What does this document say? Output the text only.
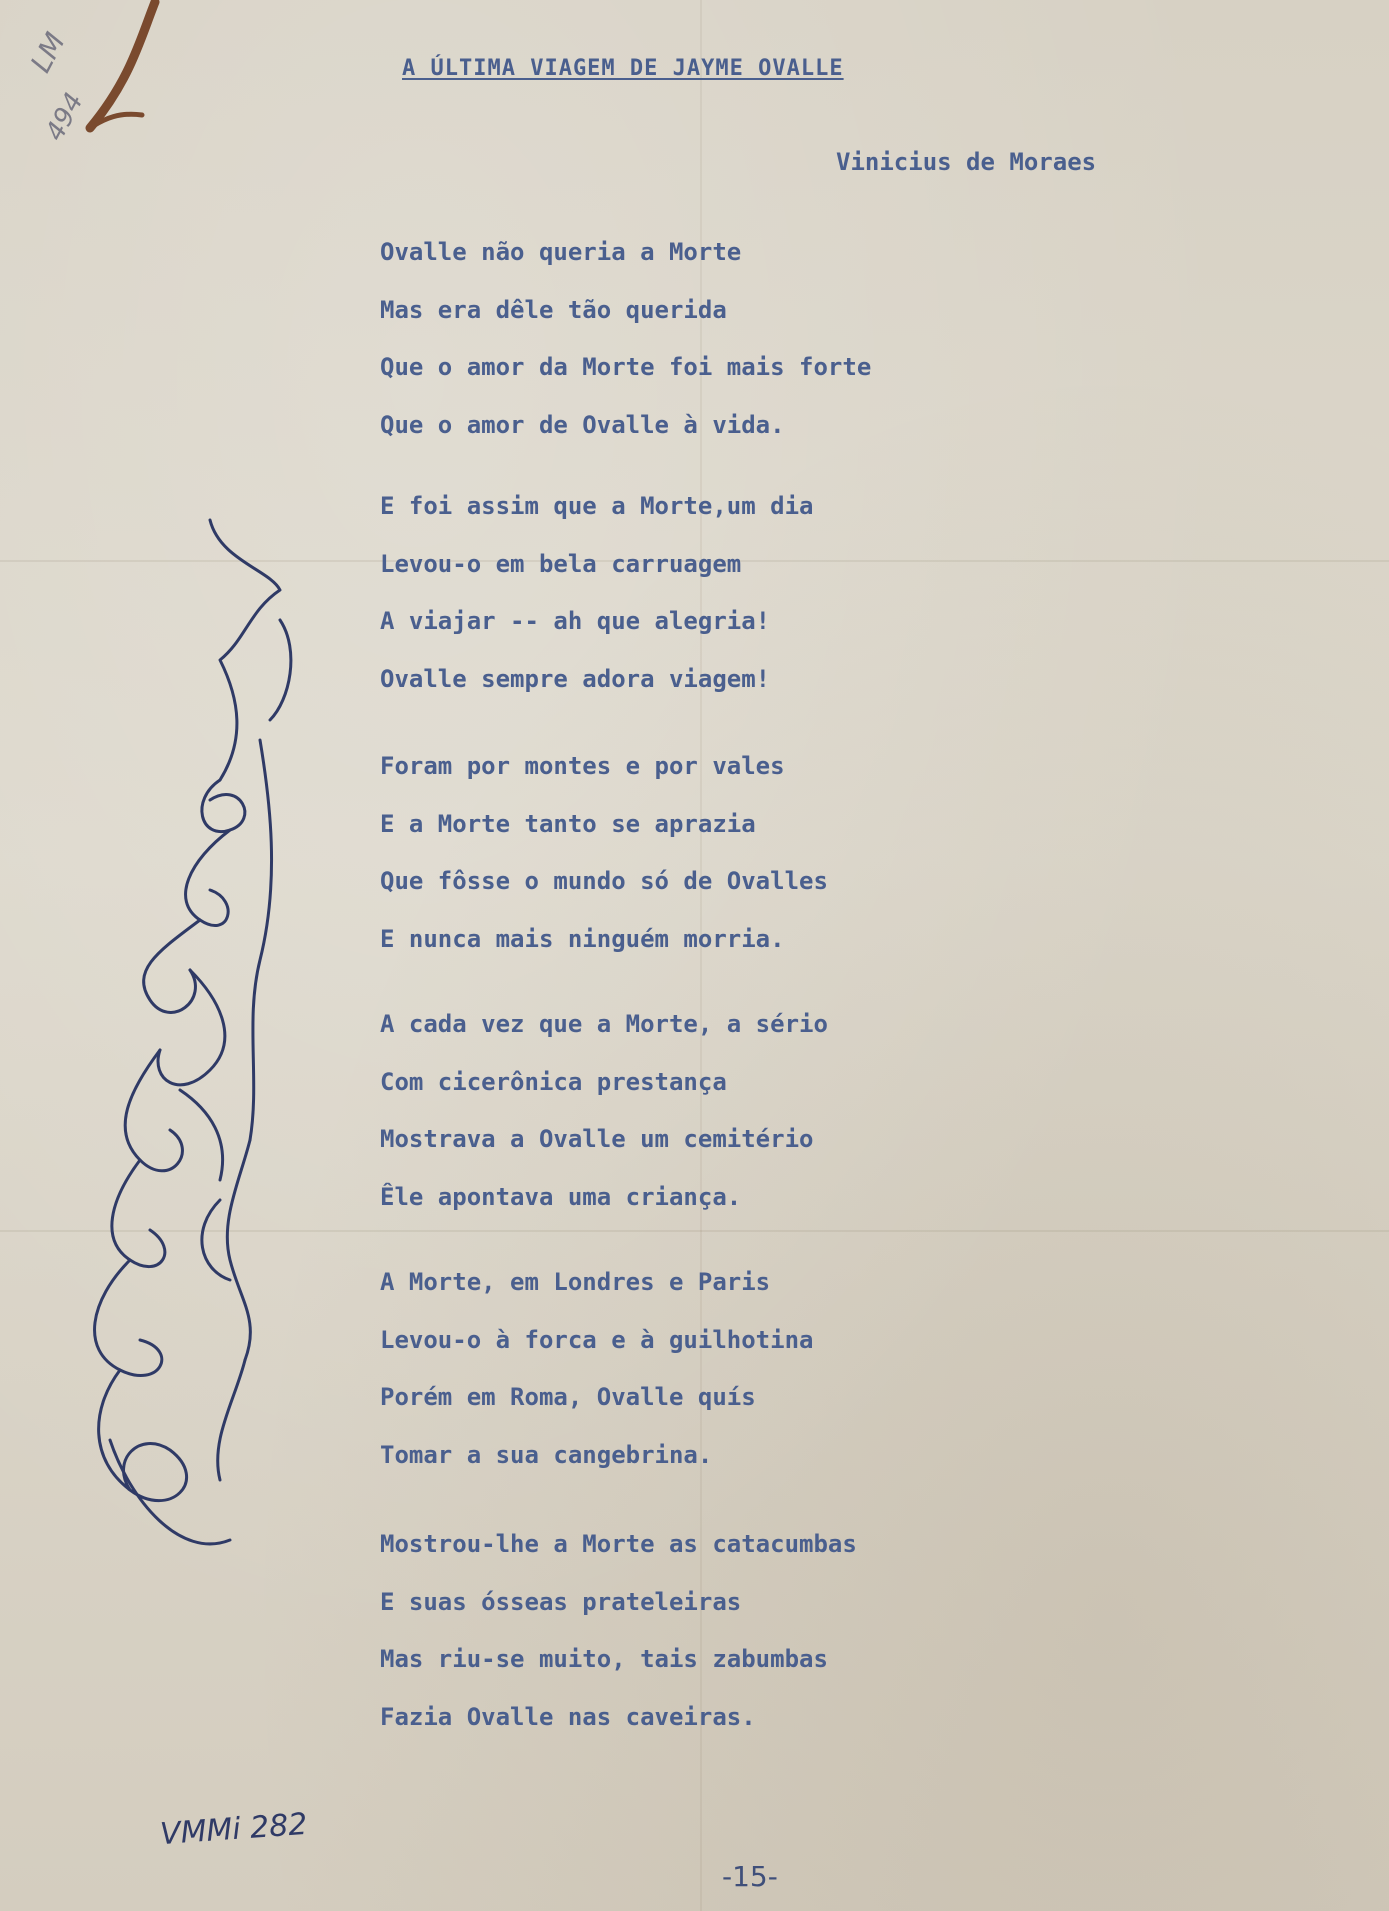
LM
494
A ÚLTIMA VIAGEM DE JAYME OVALLE
Vinicius de Moraes
Ovalle não queria a Morte
Mas era dêle tão querida
Que o amor da Morte foi mais forte
Que o amor de Ovalle à vida.
E foi assim que a Morte,um dia
Levou-o em bela carruagem
A viajar -- ah que alegria!
Ovalle sempre adora viagem!
Foram por montes e por vales
E a Morte tanto se aprazia
Que fôsse o mundo só de Ovalles
E nunca mais ninguém morria.
A cada vez que a Morte, a sério
Com cicerônica prestança
Mostrava a Ovalle um cemitério
Êle apontava uma criança.
A Morte, em Londres e Paris
Levou-o à forca e à guilhotina
Porém em Roma, Ovalle quís
Tomar a sua cangebrina.
Mostrou-lhe a Morte as catacumbas
E suas ósseas prateleiras
Mas riu-se muito, tais zabumbas
Fazia Ovalle nas caveiras.
VMMi 282
-15-
